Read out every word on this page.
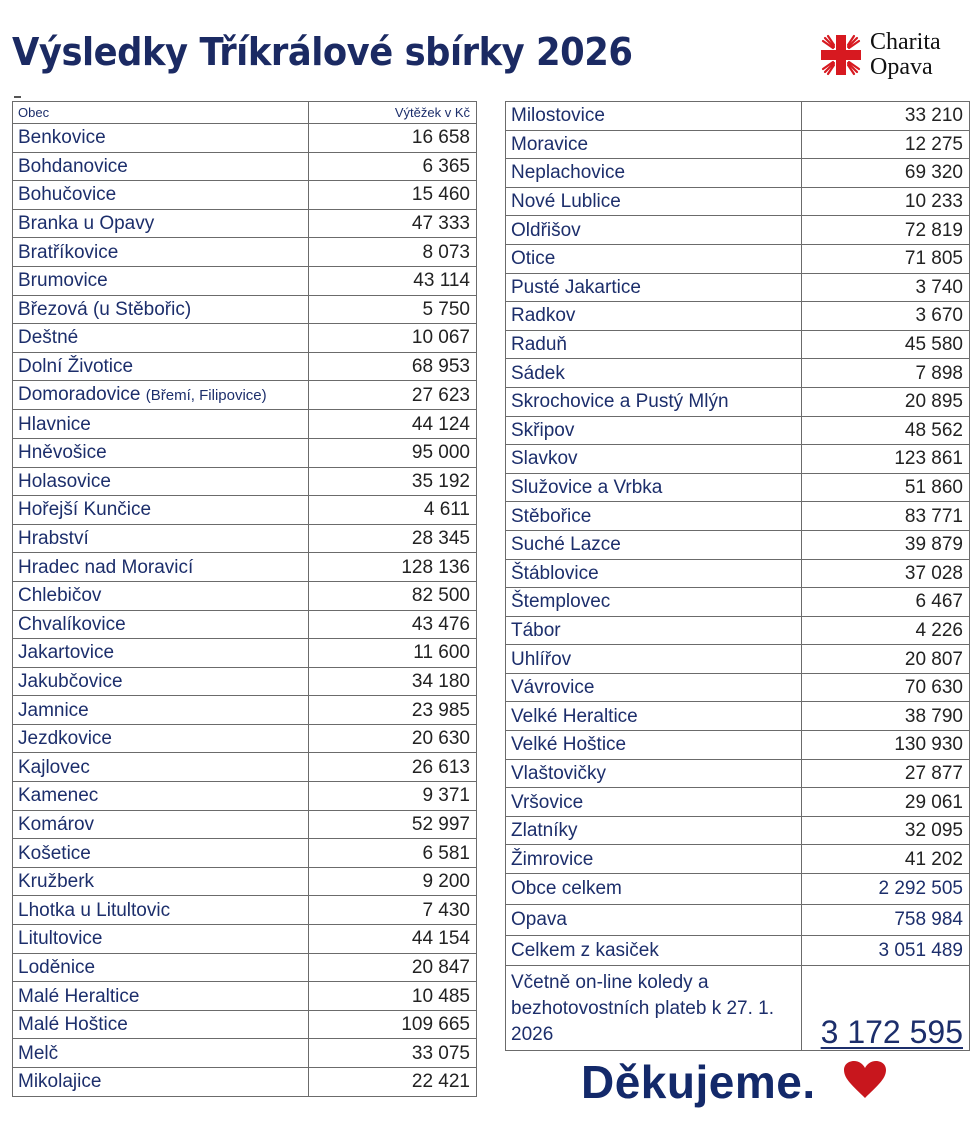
Výsledky Tříkrálové sbírky 2026	Charita
Opava
Obec	Výtěžek v Kč
Benkovice	16 658
Bohdanovice	6 365
Bohučovice	15 460
Branka u Opavy	47 333
Bratříkovice	8 073
Brumovice	43 114
Březová (u Stěbořic)	5 750
Deštné	10 067
Dolní Životice	68 953
Domoradovice (Břemí, Filipovice)	27 623
Hlavnice	44 124
Hněvošice	95 000
Holasovice	35 192
Hořejší Kunčice	4 611
Hrabství	28 345
Hradec nad Moravicí	128 136
Chlebičov	82 500
Chvalíkovice	43 476
Jakartovice	11 600
Jakubčovice	34 180
Jamnice	23 985
Jezdkovice	20 630
Kajlovec	26 613
Kamenec	9 371
Komárov	52 997
Košetice	6 581
Kružberk	9 200
Lhotka u Litultovic	7 430
Litultovice	44 154
Loděnice	20 847
Malé Heraltice	10 485
Malé Hoštice	109 665
Melč	33 075
Mikolajice	22 421
Milostovice	33 210
Moravice	12 275
Neplachovice	69 320
Nové Lublice	10 233
Oldřišov	72 819
Otice	71 805
Pusté Jakartice	3 740
Radkov	3 670
Raduň	45 580
Sádek	7 898
Skrochovice a Pustý Mlýn	20 895
Skřipov	48 562
Slavkov	123 861
Služovice a Vrbka	51 860
Stěbořice	83 771
Suché Lazce	39 879
Štáblovice	37 028
Štemplovec	6 467
Tábor	4 226
Uhlířov	20 807
Vávrovice	70 630
Velké Heraltice	38 790
Velké Hoštice	130 930
Vlaštovičky	27 877
Vršovice	29 061
Zlatníky	32 095
Žimrovice	41 202
Obce celkem	2 292 505
Opava	758 984
Celkem z kasiček	3 051 489
Včetně on-line koledy a bezhotovostních plateb k 27. 1. 2026	3 172 595
Děkujeme.
